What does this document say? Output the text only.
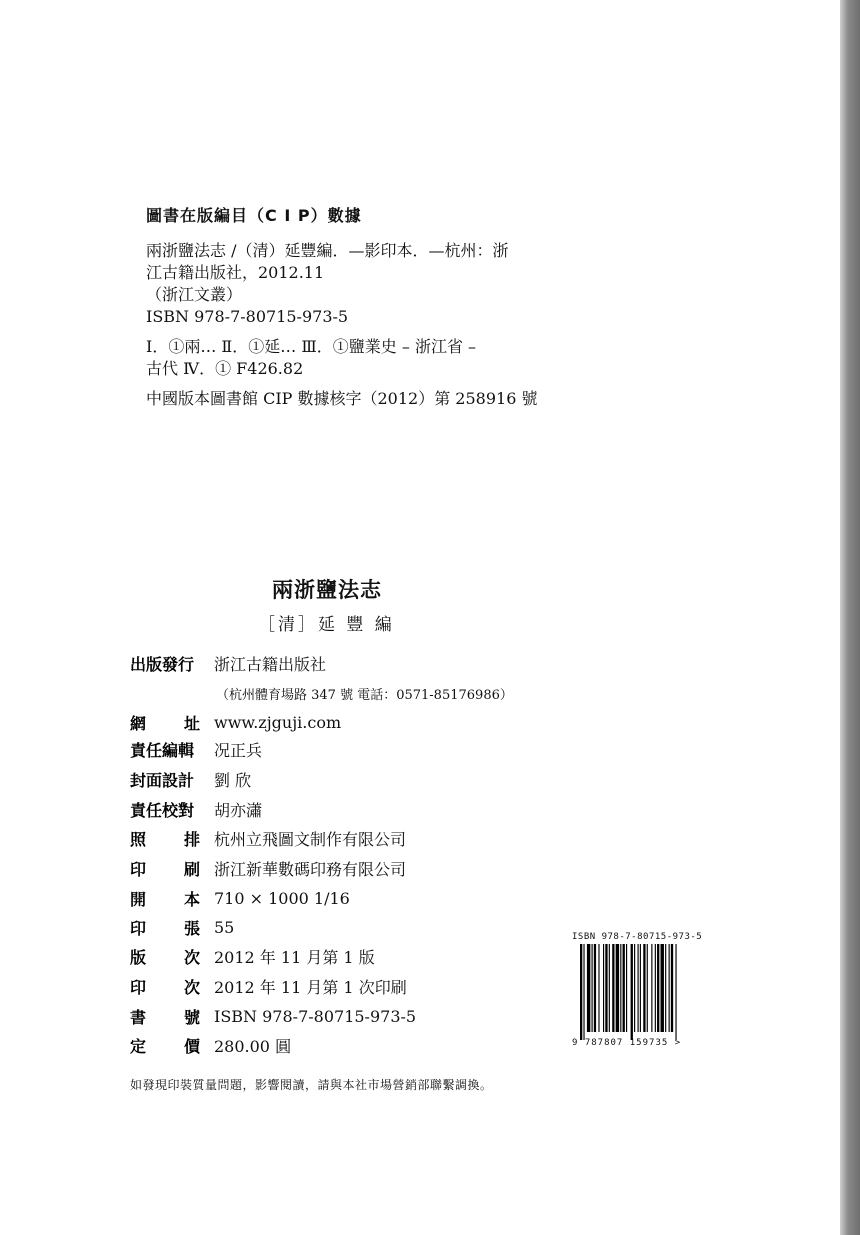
圖書在版編目（C I P）數據
兩浙鹽法志 /（清）延豐編．—影印本．—杭州：浙
江古籍出版社，2012.11
（浙江文叢）
ISBN 978-7-80715-973-5
Ⅰ．①兩… Ⅱ．①延… Ⅲ．①鹽業史 – 浙江省 –
古代 Ⅳ．① F426.82
中國版本圖書館 CIP 數據核字（2012）第 258916 號
兩浙鹽法志
［清］延 豐 編
出版發行	浙江古籍出版社
（杭州體育場路 347 號 電話：0571-85176986）
網址 www.zjguji.com
責任編輯	况正兵
封面設計	劉 欣
責任校對	胡亦瀟
照排 杭州立飛圖文制作有限公司
印刷 浙江新華數碼印務有限公司
開本 710 × 1000 1/16
印張 55
版次 2012 年 11 月第 1 版
印次 2012 年 11 月第 1 次印刷
書號 ISBN 978-7-80715-973-5
定價 280.00 圓
ISBN 978-7-80715-973-5
9 787807 159735 >
如發現印裝質量問題，影響閱讀，請與本社市場營銷部聯繫調換。
